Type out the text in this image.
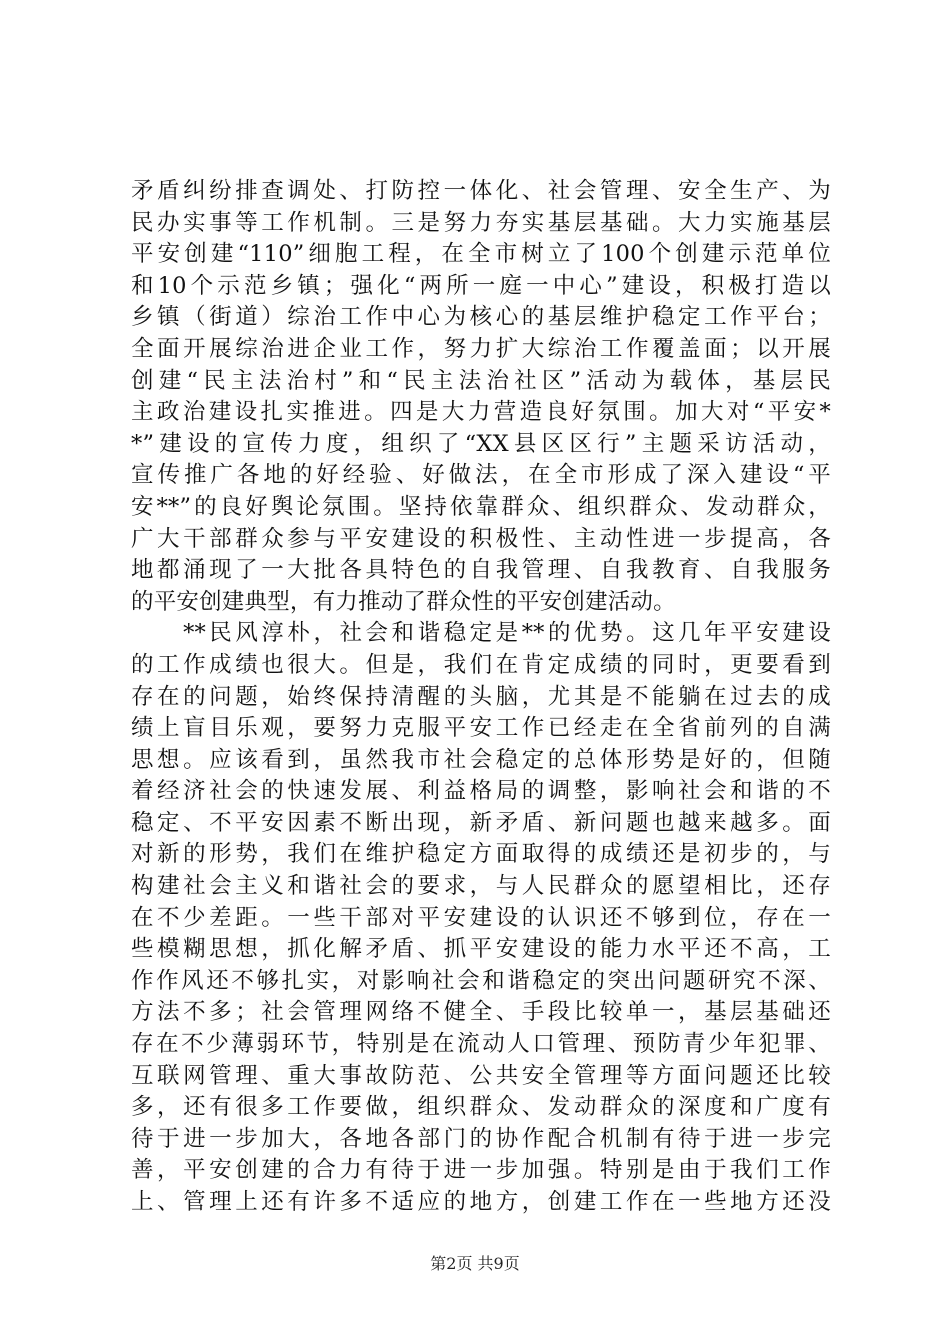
矛盾纠纷排查调处、打防控一体化、社会管理、安全生产、为
民办实事等工作机制。三是努力夯实基层基础。大力实施基层
平安创建“110”细胞工程，在全市树立了100个创建示范单位
和10个示范乡镇；强化“两所一庭一中心”建设，积极打造以
乡镇（街道）综治工作中心为核心的基层维护稳定工作平台；
全面开展综治进企业工作，努力扩大综治工作覆盖面；以开展
创建“民主法治村”和“民主法治社区”活动为载体，基层民
主政治建设扎实推进。四是大力营造良好氛围。加大对“平安*
*”建设的宣传力度，组织了“XX县区区行”主题采访活动，
宣传推广各地的好经验、好做法，在全市形成了深入建设“平
安**”的良好舆论氛围。坚持依靠群众、组织群众、发动群众，
广大干部群众参与平安建设的积极性、主动性进一步提高，各
地都涌现了一大批各具特色的自我管理、自我教育、自我服务
的平安创建典型，有力推动了群众性的平安创建活动。
　　**民风淳朴，社会和谐稳定是**的优势。这几年平安建设
的工作成绩也很大。但是，我们在肯定成绩的同时，更要看到
存在的问题，始终保持清醒的头脑，尤其是不能躺在过去的成
绩上盲目乐观，要努力克服平安工作已经走在全省前列的自满
思想。应该看到，虽然我市社会稳定的总体形势是好的，但随
着经济社会的快速发展、利益格局的调整，影响社会和谐的不
稳定、不平安因素不断出现，新矛盾、新问题也越来越多。面
对新的形势，我们在维护稳定方面取得的成绩还是初步的，与
构建社会主义和谐社会的要求，与人民群众的愿望相比，还存
在不少差距。一些干部对平安建设的认识还不够到位，存在一
些模糊思想，抓化解矛盾、抓平安建设的能力水平还不高，工
作作风还不够扎实，对影响社会和谐稳定的突出问题研究不深、
方法不多；社会管理网络不健全、手段比较单一，基层基础还
存在不少薄弱环节，特别是在流动人口管理、预防青少年犯罪、
互联网管理、重大事故防范、公共安全管理等方面问题还比较
多，还有很多工作要做，组织群众、发动群众的深度和广度有
待于进一步加大，各地各部门的协作配合机制有待于进一步完
善，平安创建的合力有待于进一步加强。特别是由于我们工作
上、管理上还有许多不适应的地方，创建工作在一些地方还没
第2页 共9页
